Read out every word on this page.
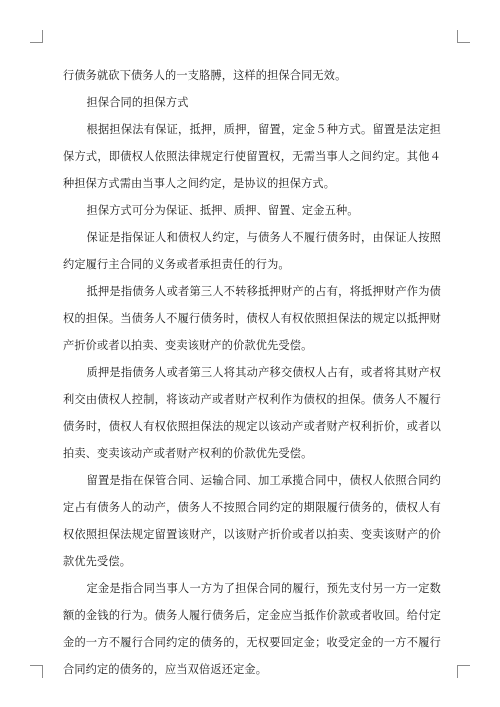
行债务就砍下债务人的一支胳膊，这样的担保合同无效。

担保合同的担保方式

根据担保法有保证，抵押，质押，留置，定金５种方式。留置是法定担保方式，即债权人依照法律规定行使留置权，无需当事人之间约定。其他４种担保方式需由当事人之间约定，是协议的担保方式。

担保方式可分为保证、抵押、质押、留置、定金五种。

保证是指保证人和债权人约定，与债务人不履行债务时，由保证人按照约定履行主合同的义务或者承担责任的行为。

抵押是指债务人或者第三人不转移抵押财产的占有，将抵押财产作为债权的担保。当债务人不履行债务时，债权人有权依照担保法的规定以抵押财产折价或者以拍卖、变卖该财产的价款优先受偿。

质押是指债务人或者第三人将其动产移交债权人占有，或者将其财产权利交由债权人控制，将该动产或者财产权利作为债权的担保。债务人不履行债务时，债权人有权依照担保法的规定以该动产或者财产权利折价，或者以拍卖、变卖该动产或者财产权利的价款优先受偿。

留置是指在保管合同、运输合同、加工承揽合同中，债权人依照合同约定占有债务人的动产，债务人不按照合同约定的期限履行债务的，债权人有权依照担保法规定留置该财产，以该财产折价或者以拍卖、变卖该财产的价款优先受偿。

定金是指合同当事人一方为了担保合同的履行，预先支付另一方一定数额的金钱的行为。债务人履行债务后，定金应当抵作价款或者收回。给付定金的一方不履行合同约定的债务的，无权要回定金；收受定金的一方不履行合同约定的债务的，应当双倍返还定金。
